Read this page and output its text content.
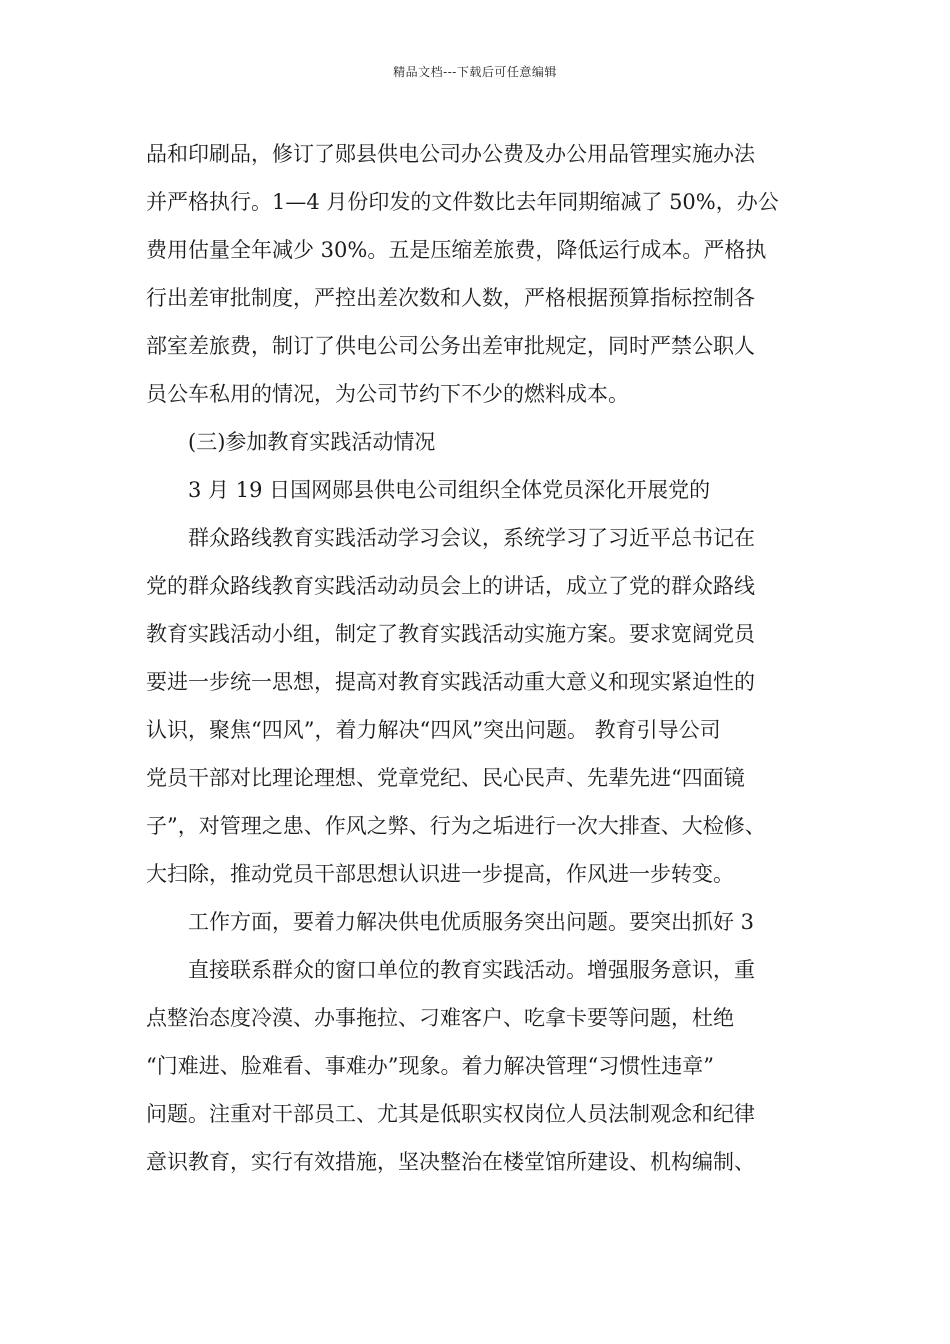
精品文档---下载后可任意编辑
品和印刷品，修订了郧县供电公司办公费及办公用品管理实施办法
并严格执行。1—4 月份印发的文件数比去年同期缩减了 50%，办公
费用估量全年减少 30%。五是压缩差旅费，降低运行成本。严格执
行出差审批制度，严控出差次数和人数，严格根据预算指标控制各
部室差旅费，制订了供电公司公务出差审批规定，同时严禁公职人
员公车私用的情况，为公司节约下不少的燃料成本。
(三)参加教育实践活动情况
3 月 19 日国网郧县供电公司组织全体党员深化开展党的
群众路线教育实践活动学习会议，系统学习了习近平总书记在
党的群众路线教育实践活动动员会上的讲话，成立了党的群众路线
教育实践活动小组，制定了教育实践活动实施方案。要求宽阔党员
要进一步统一思想，提高对教育实践活动重大意义和现实紧迫性的
认识，聚焦“四风”，着力解决“四风”突出问题。 教育引导公司
党员干部对比理论理想、党章党纪、民心民声、先辈先进“四面镜
子”，对管理之患、作风之弊、行为之垢进行一次大排查、大检修、
大扫除，推动党员干部思想认识进一步提高，作风进一步转变。
工作方面，要着力解决供电优质服务突出问题。要突出抓好 3
直接联系群众的窗口单位的教育实践活动。增强服务意识，重
点整治态度冷漠、办事拖拉、刁难客户、吃拿卡要等问题，杜绝
“门难进、脸难看、事难办”现象。着力解决管理“习惯性违章”
问题。注重对干部员工、尤其是低职实权岗位人员法制观念和纪律
意识教育，实行有效措施，坚决整治在楼堂馆所建设、机构编制、
